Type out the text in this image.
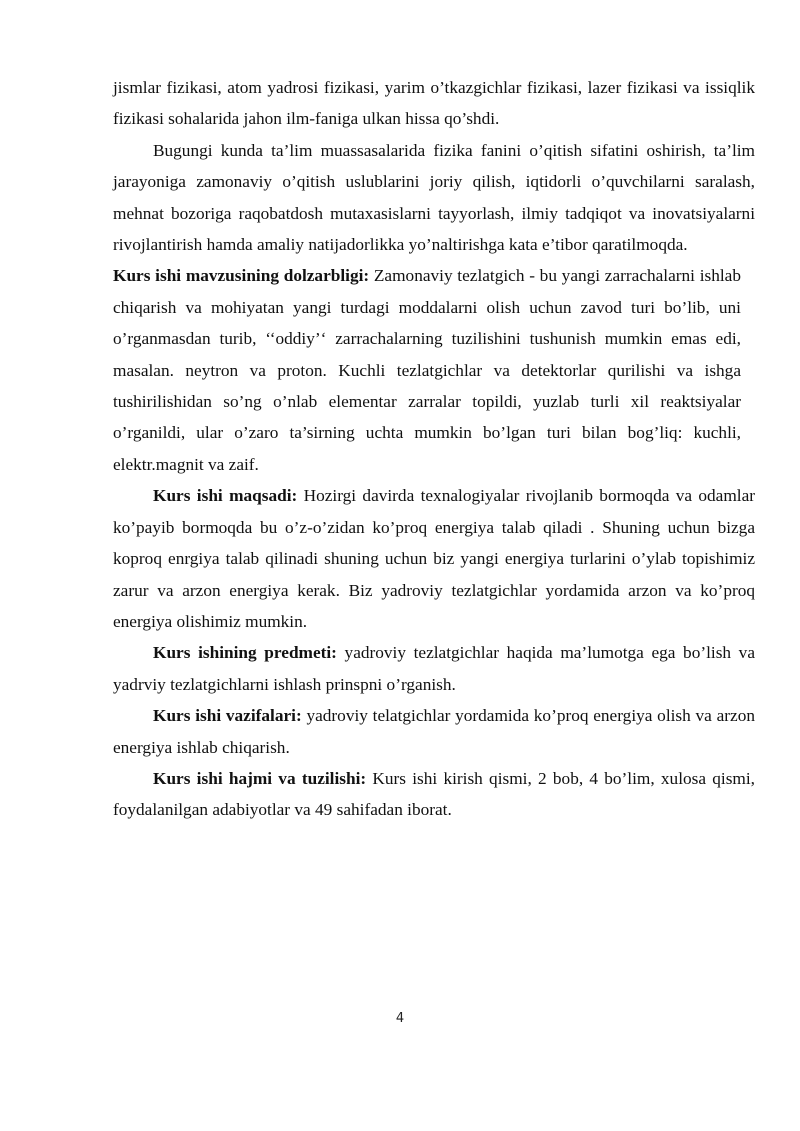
jismlar fizikasi, atom yadrosi fizikasi, yarim o’tkazgichlar fizikasi, lazer fizikasi va issiqlik fizikasi sohalarida jahon ilm-faniga ulkan hissa qo’shdi.

Bugungi kunda ta’lim muassasalarida fizika fanini o’qitish sifatini oshirish, ta’lim jarayoniga zamonaviy o’qitish uslublarini joriy qilish, iqtidorli o’quvchilarni saralash, mehnat bozoriga raqobatdosh mutaxasislarni tayyorlash, ilmiy tadqiqot va inovatsiyalarni rivojlantirish hamda amaliy natijadorlikka yo’naltirishga kata e’tibor qaratilmoqda.

Kurs ishi mavzusining dolzarbligi: Zamonaviy tezlatgich - bu yangi zarrachalarni ishlab chiqarish va mohiyatan yangi turdagi moddalarni olish uchun zavod turi bo’lib, uni o’rganmasdan turib, ‘‘oddiy’‘ zarrachalarning tuzilishini tushunish mumkin emas edi, masalan. neytron va proton. Kuchli tezlatgichlar va detektorlar qurilishi va ishga tushirilishidan so’ng o’nlab elementar zarralar topildi, yuzlab turli xil reaktsiyalar o’rganildi, ular o’zaro ta’sirning uchta mumkin bo’lgan turi bilan bog’liq: kuchli, elektr.magnit va zaif.

Kurs ishi maqsadi: Hozirgi davirda texnalogiyalar rivojlanib bormoqda va odamlar ko’payib bormoqda bu o’z-o’zidan ko’proq energiya talab qiladi . Shuning uchun bizga koproq enrgiya talab qilinadi shuning uchun biz yangi energiya turlarini o’ylab topishimiz zarur va arzon energiya kerak. Biz yadroviy tezlatgichlar yordamida arzon va ko’proq energiya olishimiz mumkin.

Kurs ishining predmeti: yadroviy tezlatgichlar haqida ma’lumotga ega bo’lish va yadrviy tezlatgichlarni ishlash prinspni o’rganish.

Kurs ishi vazifalari: yadroviy telatgichlar yordamida ko’proq energiya olish va arzon energiya ishlab chiqarish.

Kurs ishi hajmi va tuzilishi: Kurs ishi kirish qismi, 2 bob, 4 bo’lim, xulosa qismi, foydalanilgan adabiyotlar va 49 sahifadan iborat.

4
